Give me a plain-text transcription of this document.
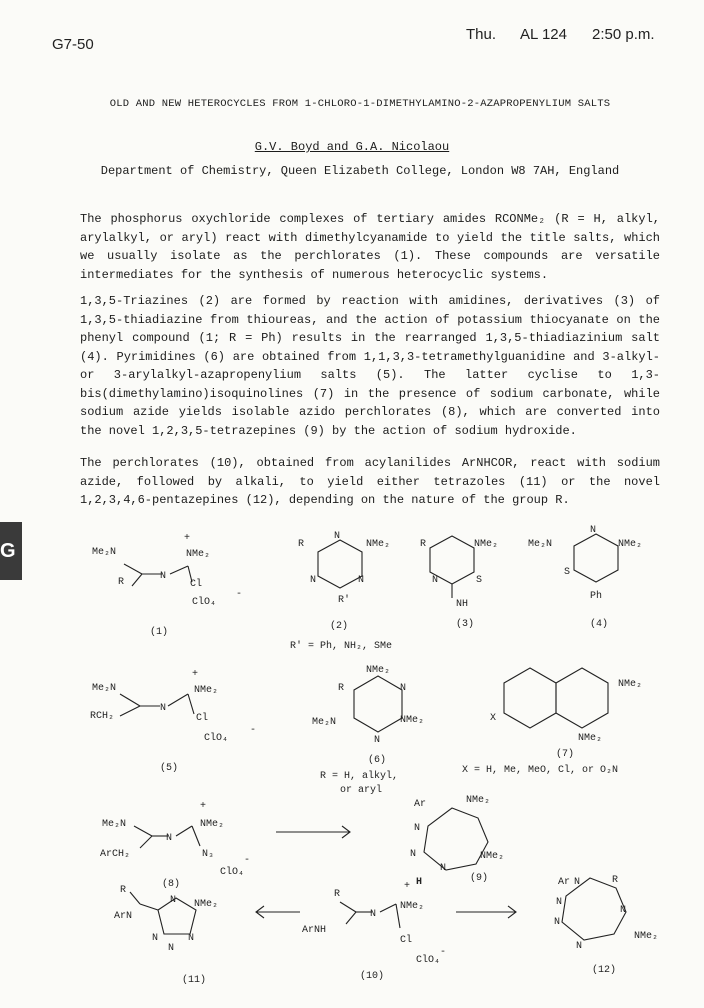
G7-50
Thu. AL 124 2:50 p.m.
OLD AND NEW HETEROCYCLES FROM 1-CHLORO-1-DIMETHYLAMINO-2-AZAPROPENYLIUM SALTS
G.V. Boyd and G.A. Nicolaou
Department of Chemistry, Queen Elizabeth College, London W8 7AH, England

The phosphorus oxychloride complexes of tertiary amides RCONMe₂ (R = H, alkyl, arylalkyl, or aryl) react with dimethylcyanamide to yield the title salts, which we usually isolate as the perchlorates (1). These compounds are versatile intermediates for the synthesis of numerous heterocyclic systems.

1,3,5-Triazines (2) are formed by reaction with amidines, derivatives (3) of 1,3,5-thiadiazine from thioureas, and the action of potassium thiocyanate on the phenyl compound (1; R = Ph) results in the rearranged 1,3,5-thiadiazinium salt (4). Pyrimidines (6) are obtained from 1,1,3,3-tetramethylguanidine and 3-alkyl- or 3-arylalkyl-azapropenylium salts (5). The latter cyclise to 1,3-bis(dimethylamino)isoquinolines (7) in the presence of sodium carbonate, while sodium azide yields isolable azido perchlorates (8), which are converted into the novel 1,2,3,5-tetrazepines (9) by the action of sodium hydroxide.

The perchlorates (10), obtained from acylanilides ArNHCOR, react with sodium azide, followed by alkali, to yield either tetrazoles (11) or the novel 1,2,3,4,6-pentazepines (12), depending on the nature of the group R.

G	Me₂N
+
NMe₂
R
N
Cl
ClO₄
-
(1)
R
N
NMe₂
N	N
R'
(2)
R	NMe₂
N	S
NH
(3)
Me₂N
N
NMe₂
S
Ph
(4)
R' = Ph, NH₂, SMe
Me₂N
+
NMe₂
RCH₂
N
Cl
ClO₄
-
(5)
R
NMe₂
N
Me₂N	NMe₂
N
(6)
R = H, alkyl,
or aryl
NMe₂
X
NMe₂
(7)
X = H, Me, MeO, Cl, or O₂N
Me₂N
+
NMe₂
ArCH₂
N
N₃
ClO₄
-
(8)
Ar	NMe₂
N
N
N
NMe₂
H	(9)
R
+
NMe₂
ArNH
N
Cl
ClO₄
-
(10)
R
ArN
N NMe₂
N
N
N
(11)
Ar N	R
N
N
N
N
NMe₂
(12)
